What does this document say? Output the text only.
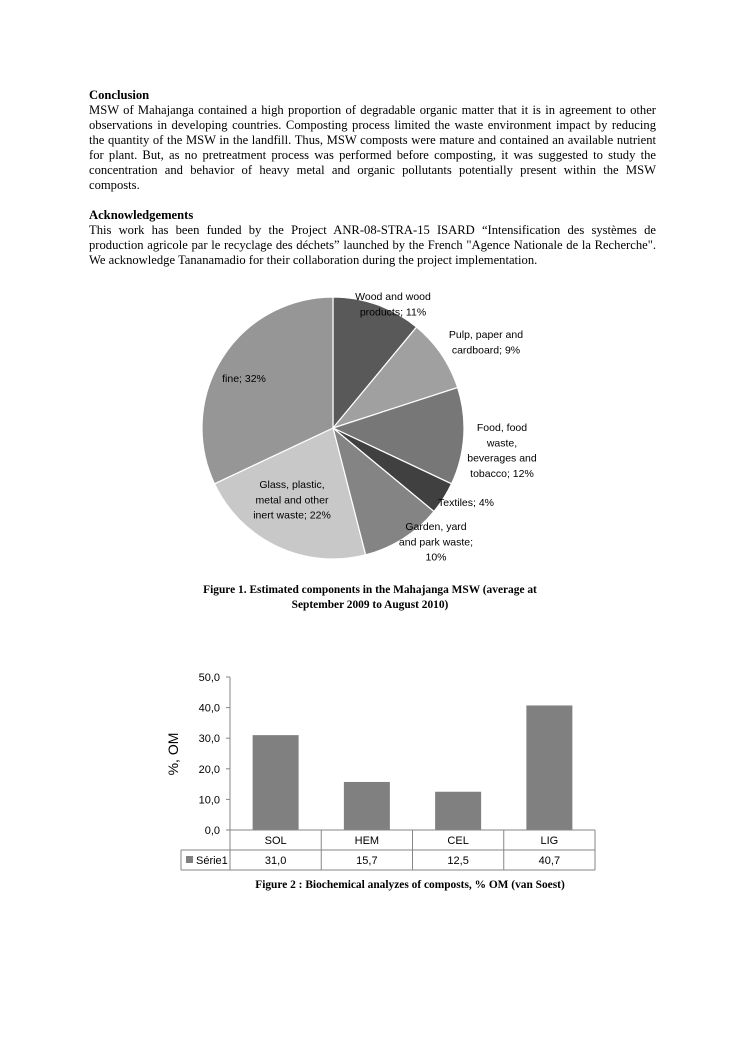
Conclusion
MSW of Mahajanga contained a high proportion of degradable organic matter that it is in agreement to other observations in developing countries. Composting process limited the waste environment impact by reducing the quantity of the MSW in the landfill. Thus, MSW composts were mature and contained an available nutrient for plant. But, as no pretreatment process was performed before composting, it was suggested to study the concentration and behavior of heavy metal and organic pollutants potentially present within the MSW composts.
Acknowledgements
This work has been funded by the Project ANR-08-STRA-15 ISARD “Intensification des systèmes de production agricole par le recyclage des déchets” launched by the French "Agence Nationale de la Recherche". We acknowledge Tananamadio for their collaboration during the project implementation.
Wood and wood products; 11%
Pulp, paper and cardboard; 9%
Food, food waste, beverages and tobacco; 12%
Textiles; 4%
Garden, yard and park waste; 10%
Glass, plastic, metal and other inert waste; 22%
fine; 32%
Figure 1. Estimated components in the Mahajanga MSW (average at
September 2009 to August 2010)
0,0
10,0
20,0
30,0
40,0
50,0
%, OM
SOL	HEM	CEL	LIG
Série1	31,0	15,7	12,5	40,7
Figure 2 : Biochemical analyzes of composts, % OM (van Soest)
